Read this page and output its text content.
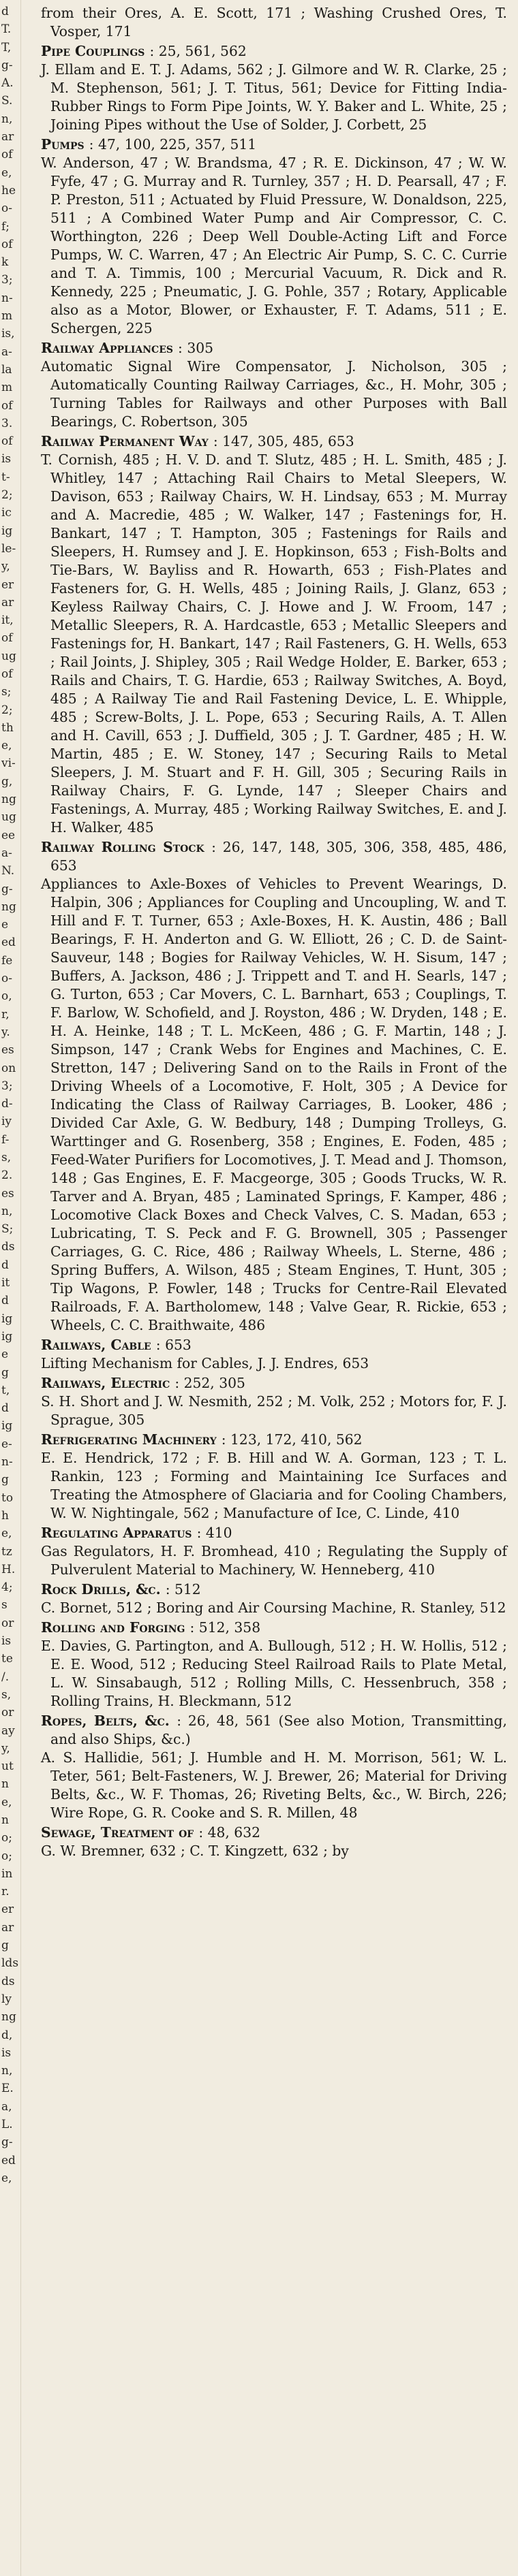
d
T.
T,
g-
A.
S.
n,
ar
of
e,
he
o-
f;
of
k
3;
n-
m
is,
a-
la
m
of
3.
of
is
t-
2;
ic
ig
le-
y,
er
ar
it,
of
ug
of
s;
2;
th
e,
vi-
g,
ng
ug
ee
a-
N.
g-
ng
e
ed
fe
o-
o,
r,
y.
es
on
3;
d-
iy
f-
s,
2.
es
n,
S;
ds
d
it
d
ig
ig
e
g
t,
d
ig
e-
n-
g
to
h
e,
tz
H.
4;
s
or
is
te
/.
s,
or
ay
y,
ut
n
e,
n
o;
o;
in
r.
er
ar
g
lds
ds
ly
ng
d,
is
n,
E.
a,
L.
g-
ed
e,
from their Ores, A. E. Scott, 171 ; Washing Crushed Ores, T. Vosper, 171
Pipe Couplings : 25, 561, 562
J. Ellam and E. T. J. Adams, 562 ; J. Gilmore and W. R. Clarke, 25 ; M. Stephenson, 561; J. T. Titus, 561; Device for Fitting India-Rubber Rings to Form Pipe Joints, W. Y. Baker and L. White, 25 ; Joining Pipes without the Use of Solder, J. Corbett, 25
Pumps : 47, 100, 225, 357, 511
W. Anderson, 47 ; W. Brandsma, 47 ; R. E. Dickinson, 47 ; W. W. Fyfe, 47 ; G. Murray and R. Turnley, 357 ; H. D. Pearsall, 47 ; F. P. Preston, 511 ; Actuated by Fluid Pressure, W. Donaldson, 225, 511 ; A Combined Water Pump and Air Compressor, C. C. Worthington, 226 ; Deep Well Double-Acting Lift and Force Pumps, W. C. Warren, 47 ; An Electric Air Pump, S. C. C. Currie and T. A. Timmis, 100 ; Mercurial Vacuum, R. Dick and R. Kennedy, 225 ; Pneumatic, J. G. Pohle, 357 ; Rotary, Applicable also as a Motor, Blower, or Exhauster, F. T. Adams, 511 ; E. Schergen, 225
Railway Appliances : 305
Automatic Signal Wire Compensator, J. Nicholson, 305 ; Automatically Counting Railway Carriages, &c., H. Mohr, 305 ; Turning Tables for Railways and other Purposes with Ball Bearings, C. Robertson, 305
Railway Permanent Way : 147, 305, 485, 653
T. Cornish, 485 ; H. V. D. and T. Slutz, 485 ; H. L. Smith, 485 ; J. Whitley, 147 ; Attaching Rail Chairs to Metal Sleepers, W. Davison, 653 ; Railway Chairs, W. H. Lindsay, 653 ; M. Murray and A. Macredie, 485 ; W. Walker, 147 ; Fastenings for, H. Bankart, 147 ; T. Hampton, 305 ; Fastenings for Rails and Sleepers, H. Rumsey and J. E. Hopkinson, 653 ; Fish-Bolts and Tie-Bars, W. Bayliss and R. Howarth, 653 ; Fish-Plates and Fasteners for, G. H. Wells, 485 ; Joining Rails, J. Glanz, 653 ; Keyless Railway Chairs, C. J. Howe and J. W. Froom, 147 ; Metallic Sleepers, R. A. Hardcastle, 653 ; Metallic Sleepers and Fastenings for, H. Bankart, 147 ; Rail Fasteners, G. H. Wells, 653 ; Rail Joints, J. Shipley, 305 ; Rail Wedge Holder, E. Barker, 653 ; Rails and Chairs, T. G. Hardie, 653 ; Railway Switches, A. Boyd, 485 ; A Railway Tie and Rail Fastening Device, L. E. Whipple, 485 ; Screw-Bolts, J. L. Pope, 653 ; Securing Rails, A. T. Allen and H. Cavill, 653 ; J. Duffield, 305 ; J. T. Gardner, 485 ; H. W. Martin, 485 ; E. W. Stoney, 147 ; Securing Rails to Metal Sleepers, J. M. Stuart and F. H. Gill, 305 ; Securing Rails in Railway Chairs, F. G. Lynde, 147 ; Sleeper Chairs and Fastenings, A. Murray, 485 ; Working Railway Switches, E. and J. H. Walker, 485
Railway Rolling Stock : 26, 147, 148, 305, 306, 358, 485, 486, 653
Appliances to Axle-Boxes of Vehicles to Prevent Wearings, D. Halpin, 306 ; Appliances for Coupling and Uncoupling, W. and T. Hill and F. T. Turner, 653 ; Axle-Boxes, H. K. Austin, 486 ; Ball Bearings, F. H. Anderton and G. W. Elliott, 26 ; C. D. de Saint-Sauveur, 148 ; Bogies for Railway Vehicles, W. H. Sisum, 147 ; Buffers, A. Jackson, 486 ; J. Trippett and T. and H. Searls, 147 ; G. Turton, 653 ; Car Movers, C. L. Barnhart, 653 ; Couplings, T. F. Barlow, W. Schofield, and J. Royston, 486 ; W. Dryden, 148 ; E. H. A. Heinke, 148 ; T. L. McKeen, 486 ; G. F. Martin, 148 ; J. Simpson, 147 ; Crank Webs for Engines and Machines, C. E. Stretton, 147 ; Delivering Sand on to the Rails in Front of the Driving Wheels of a Locomotive, F. Holt, 305 ; A Device for Indicating the Class of Railway Carriages, B. Looker, 486 ; Divided Car Axle, G. W. Bedbury, 148 ; Dumping Trolleys, G. Warttinger and G. Rosenberg, 358 ; Engines, E. Foden, 485 ; Feed-Water Purifiers for Locomotives, J. T. Mead and J. Thomson, 148 ; Gas Engines, E. F. Macgeorge, 305 ; Goods Trucks, W. R. Tarver and A. Bryan, 485 ; Laminated Springs, F. Kamper, 486 ; Locomotive Clack Boxes and Check Valves, C. S. Madan, 653 ; Lubricating, T. S. Peck and F. G. Brownell, 305 ; Passenger Carriages, G. C. Rice, 486 ; Railway Wheels, L. Sterne, 486 ; Spring Buffers, A. Wilson, 485 ; Steam Engines, T. Hunt, 305 ; Tip Wagons, P. Fowler, 148 ; Trucks for Centre-Rail Elevated Railroads, F. A. Bartholomew, 148 ; Valve Gear, R. Rickie, 653 ; Wheels, C. C. Braithwaite, 486
Railways, Cable : 653
Lifting Mechanism for Cables, J. J. Endres, 653
Railways, Electric : 252, 305
S. H. Short and J. W. Nesmith, 252 ; M. Volk, 252 ; Motors for, F. J. Sprague, 305
Refrigerating Machinery : 123, 172, 410, 562
E. E. Hendrick, 172 ; F. B. Hill and W. A. Gorman, 123 ; T. L. Rankin, 123 ; Forming and Maintaining Ice Surfaces and Treating the Atmosphere of Glaciaria and for Cooling Chambers, W. W. Nightingale, 562 ; Manufacture of Ice, C. Linde, 410
Regulating Apparatus : 410
Gas Regulators, H. F. Bromhead, 410 ; Regulating the Supply of Pulverulent Material to Machinery, W. Henneberg, 410
Rock Drills, &c. : 512
C. Bornet, 512 ; Boring and Air Coursing Machine, R. Stanley, 512
Rolling and Forging : 512, 358
E. Davies, G. Partington, and A. Bullough, 512 ; H. W. Hollis, 512 ; E. E. Wood, 512 ; Reducing Steel Railroad Rails to Plate Metal, L. W. Sinsabaugh, 512 ; Rolling Mills, C. Hessenbruch, 358 ; Rolling Trains, H. Bleckmann, 512
Ropes, Belts, &c. : 26, 48, 561 (See also Motion, Transmitting, and also Ships, &c.)
A. S. Hallidie, 561; J. Humble and H. M. Morrison, 561; W. L. Teter, 561; Belt-Fasteners, W. J. Brewer, 26; Material for Driving Belts, &c., W. F. Thomas, 26; Riveting Belts, &c., W. Birch, 226; Wire Rope, G. R. Cooke and S. R. Millen, 48
Sewage, Treatment of : 48, 632
G. W. Bremner, 632 ; C. T. Kingzett, 632 ; by
